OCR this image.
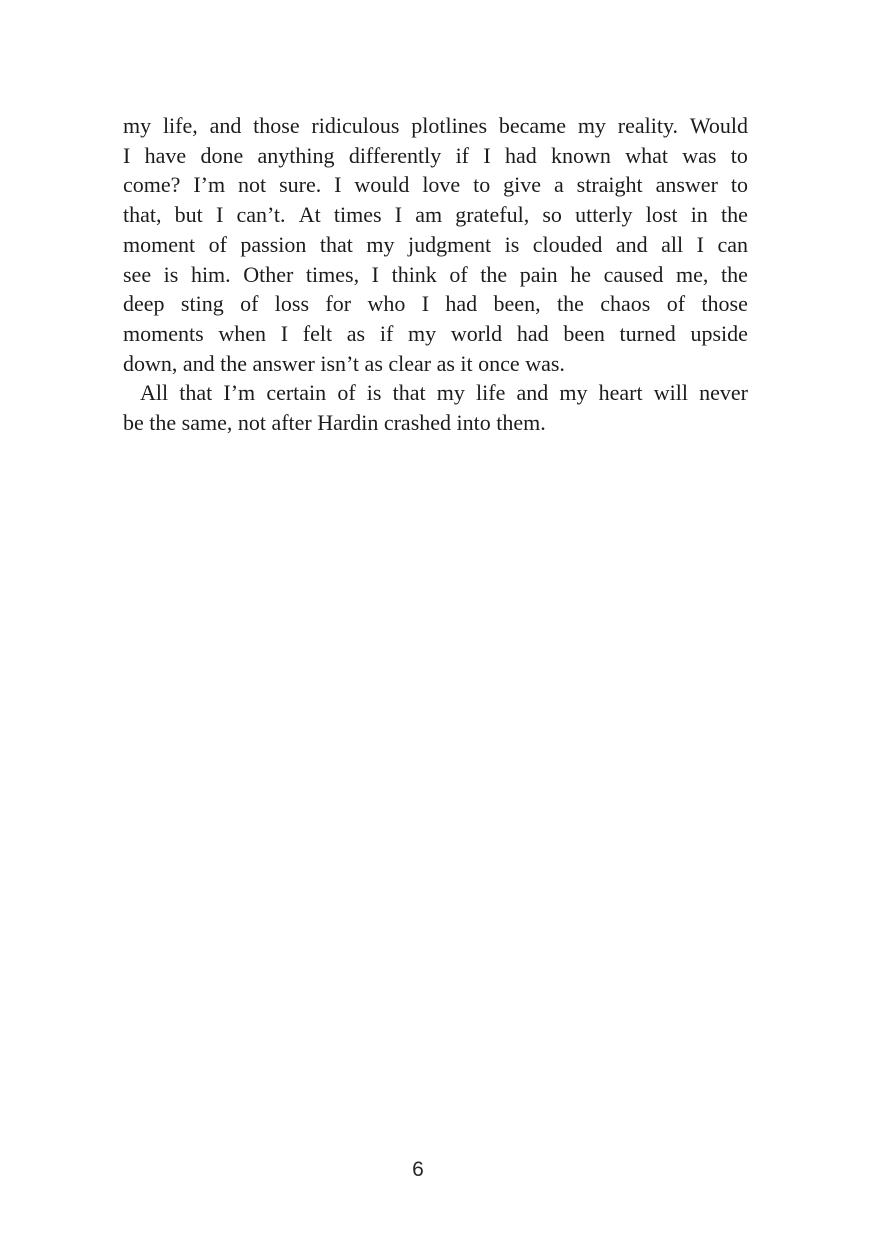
my life, and those ridiculous plotlines became my reality. Would
I have done anything differently if I had known what was to
come? I’m not sure. I would love to give a straight answer to
that, but I can’t. At times I am grateful, so utterly lost in the
moment of passion that my judgment is clouded and all I can
see is him. Other times, I think of the pain he caused me, the
deep sting of loss for who I had been, the chaos of those
moments when I felt as if my world had been turned upside
down, and the answer isn’t as clear as it once was.
All that I’m certain of is that my life and my heart will never
be the same, not after Hardin crashed into them.
6
